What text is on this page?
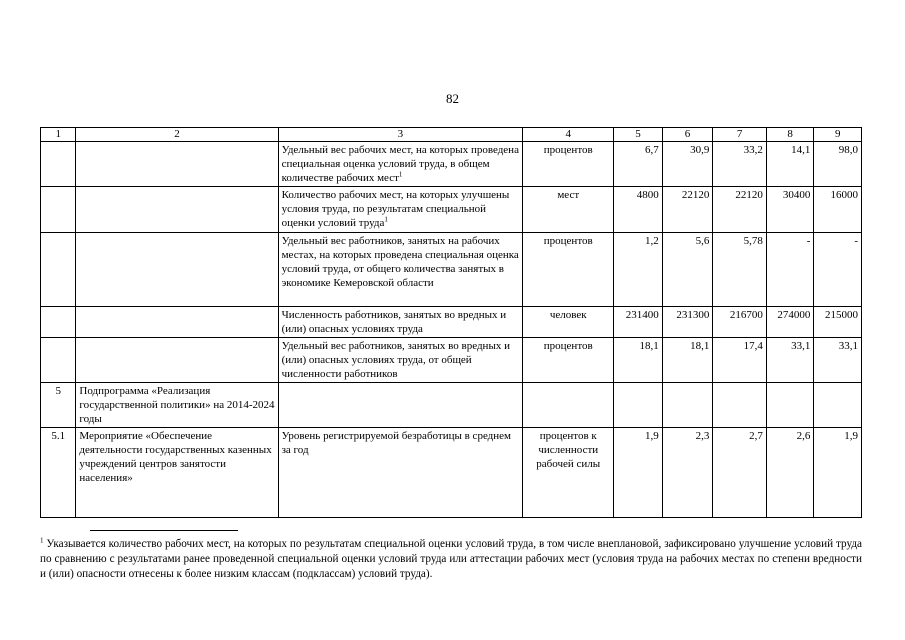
82
1	2	3	4	5	6	7	8	9
		Удельный вес рабочих мест, на которых проведена специальная оценка условий труда, в общем количестве рабочих мест$^1$	процентов	6,7	30,9	33,2	14,1	98,0
		Количество рабочих мест, на которых улучшены условия труда, по результатам специальной оценки условий труда$^1$	мест	4800	22120	22120	30400	16000
		Удельный вес работников, занятых на рабочих местах, на которых проведена специальная оценка условий труда, от общего количества занятых в экономике Кемеровской области	процентов	1,2	5,6	5,78	-	-
		Численность работников, занятых во вредных и (или) опасных условиях труда	человек	231400	231300	216700	274000	215000
		Удельный вес работников, занятых во вредных и (или) опасных условиях труда, от общей численности работников	процентов	18,1	18,1	17,4	33,1	33,1
5	Подпрограмма «Реализация государственной политики» на 2014-2024 годы							
5.1	Мероприятие «Обеспечение деятельности государственных казенных учреждений центров занятости населения»	Уровень регистрируемой безработицы в среднем за год	процентов к численности рабочей силы	1,9	2,3	2,7	2,6	1,9
$^1$ Указывается количество рабочих мест, на которых по результатам специальной оценки условий труда, в том числе внеплановой, зафиксировано улучшение условий труда по сравнению с результатами ранее проведенной специальной оценки условий труда или аттестации рабочих мест (условия труда на рабочих местах по степени вредности и (или) опасности отнесены к более низким классам (подклассам) условий труда).
